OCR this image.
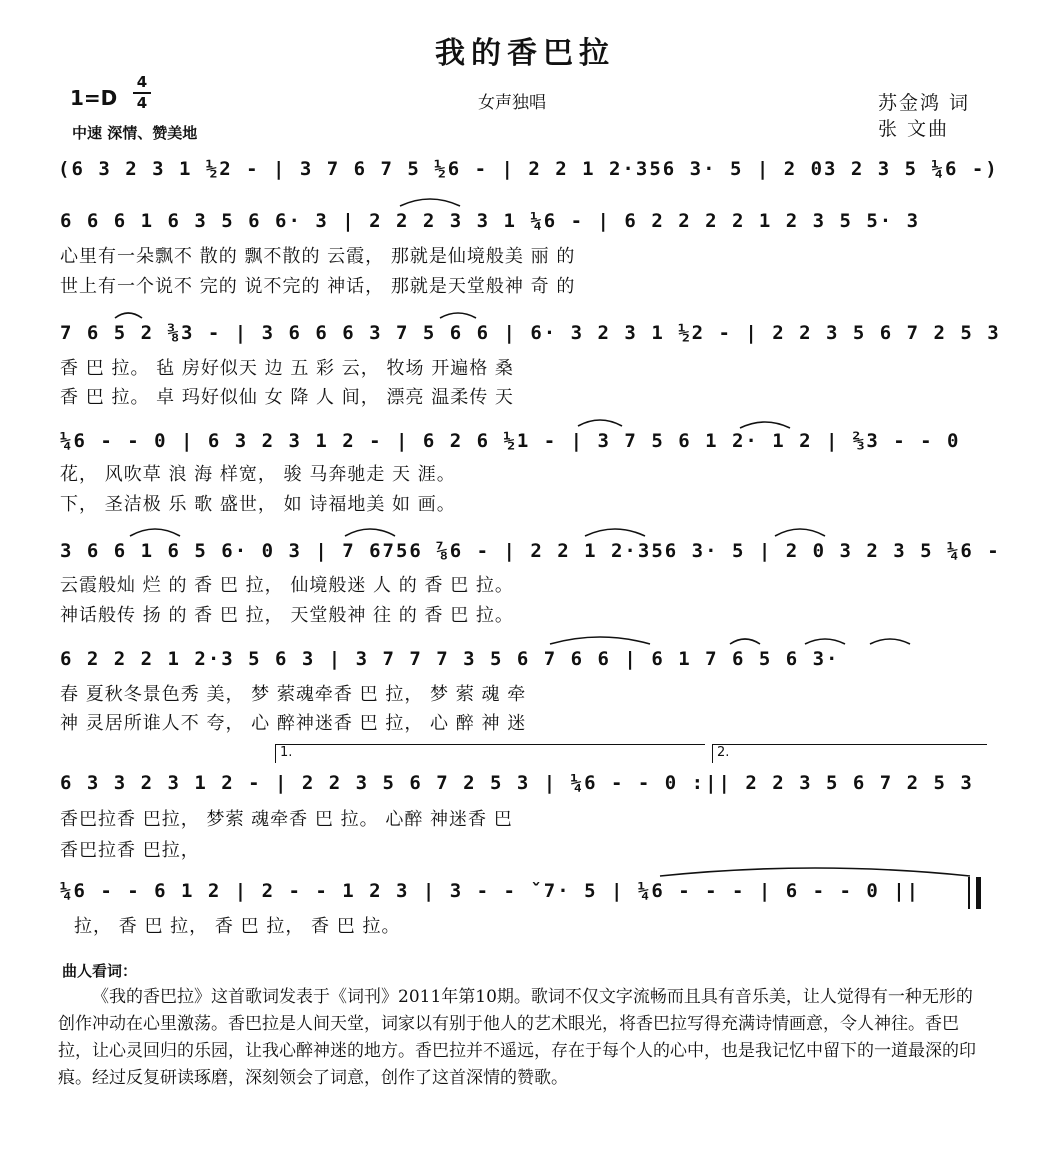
我的香巴拉
1=D
4
4
中速 深情、赞美地
女声独唱	苏金鸿 词
张 文曲
(6 3 2 3 1 ½2 - | 3 7 6 7 5 ½6 - | 2 2 1 2·356 3· 5 | 2 03 2 3 5 ¼6 -)
6 6 6 1 6 3 5 6 6· 3 | 2 2 2 3 3 1 ¼6 - | 6 2 2 2 2 1 2 3 5 5· 3
心里有一朵飘不 散的 飘不散的 云霞， 那就是仙境般美 丽 的
世上有一个说不 完的 说不完的 神话， 那就是天堂般神 奇 的
7 6 5 2 ⅜3 - | 3 6 6 6 3 7 5 6 6 | 6· 3 2 3 1 ½2 - | 2 2 3 5 6 7 2 5 3
香 巴 拉。 毡 房好似天 边 五 彩 云， 牧场 开遍格 桑
香 巴 拉。 卓 玛好似仙 女 降 人 间， 漂亮 温柔传 天
¼6 - - 0 | 6 3 2 3 1 2 - | 6 2 6 ½1 - | 3 7 5 6 1 2· 1 2 | ⅔3 - - 0
花， 风吹草 浪 海 样宽， 骏 马奔驰走 天 涯。
下， 圣洁极 乐 歌 盛世， 如 诗福地美 如 画。
3 6 6 1 6 5 6· 0 3 | 7 6756 ⅞6 - | 2 2 1 2·356 3· 5 | 2 0 3 2 3 5 ¼6 -
云霞般灿 烂 的 香 巴 拉， 仙境般迷 人 的 香 巴 拉。
神话般传 扬 的 香 巴 拉， 天堂般神 往 的 香 巴 拉。
6 2 2 2 1 2·3 5 6 3 | 3 7 7 7 3 5 6 7 6 6 | 6 1 7 6 5 6 3·
春 夏秋冬景色秀 美， 梦 萦魂牵香 巴 拉， 梦 萦 魂 牵
神 灵居所谁人不 夸， 心 醉神迷香 巴 拉， 心 醉 神 迷
1.	2.
6 3 3 2 3 1 2 - | 2 2 3 5 6 7 2 5 3 | ¼6 - - 0 :|| 2 2 3 5 6 7 2 5 3
香巴拉香 巴拉， 梦萦 魂牵香 巴 拉。 心醉 神迷香 巴
香巴拉香 巴拉，
¼6 - - 6 1 2 | 2 - - 1 2 3 | 3 - - ˇ7· 5 | ¼6 - - - | 6 - - 0 ||
拉， 香 巴 拉， 香 巴 拉， 香 巴 拉。
曲人看词：
《我的香巴拉》这首歌词发表于《词刊》2011年第10期。歌词不仅文字流畅而且具有音乐美，让人觉得有一种无形的创作冲动在心里激荡。香巴拉是人间天堂，词家以有别于他人的艺术眼光，将香巴拉写得充满诗情画意，令人神往。香巴拉，让心灵回归的乐园，让我心醉神迷的地方。香巴拉并不遥远，存在于每个人的心中，也是我记忆中留下的一道最深的印痕。经过反复研读琢磨，深刻领会了词意，创作了这首深情的赞歌。
